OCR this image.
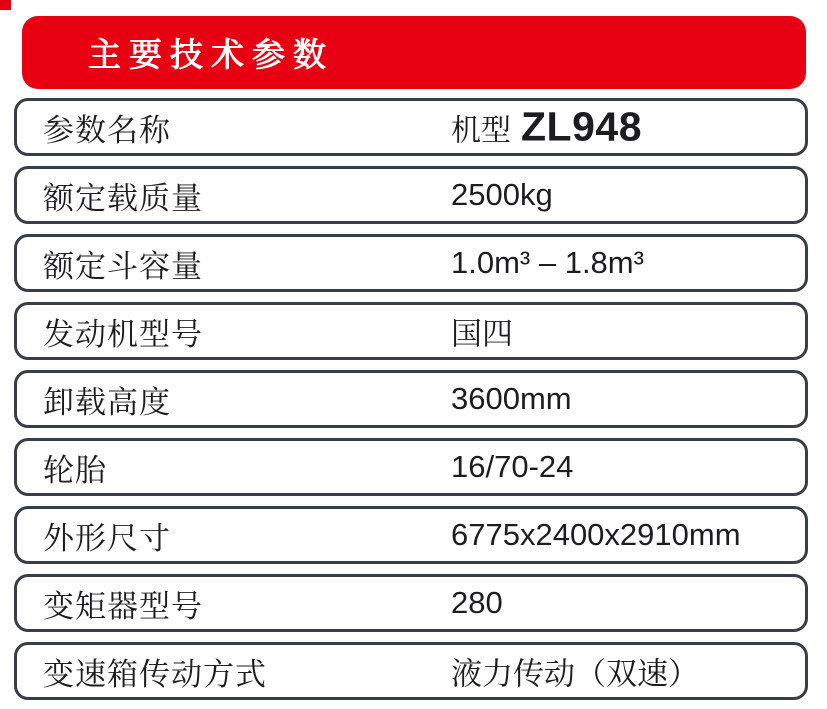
主要技术参数
参数名称	机型 ZL948
额定载质量	2500kg
额定斗容量	1.0m³ – 1.8m³
发动机型号	国四
卸载高度	3600mm
轮胎	16/70-24
外形尺寸	6775x2400x2910mm
变矩器型号	280
变速箱传动方式	液力传动（双速）
